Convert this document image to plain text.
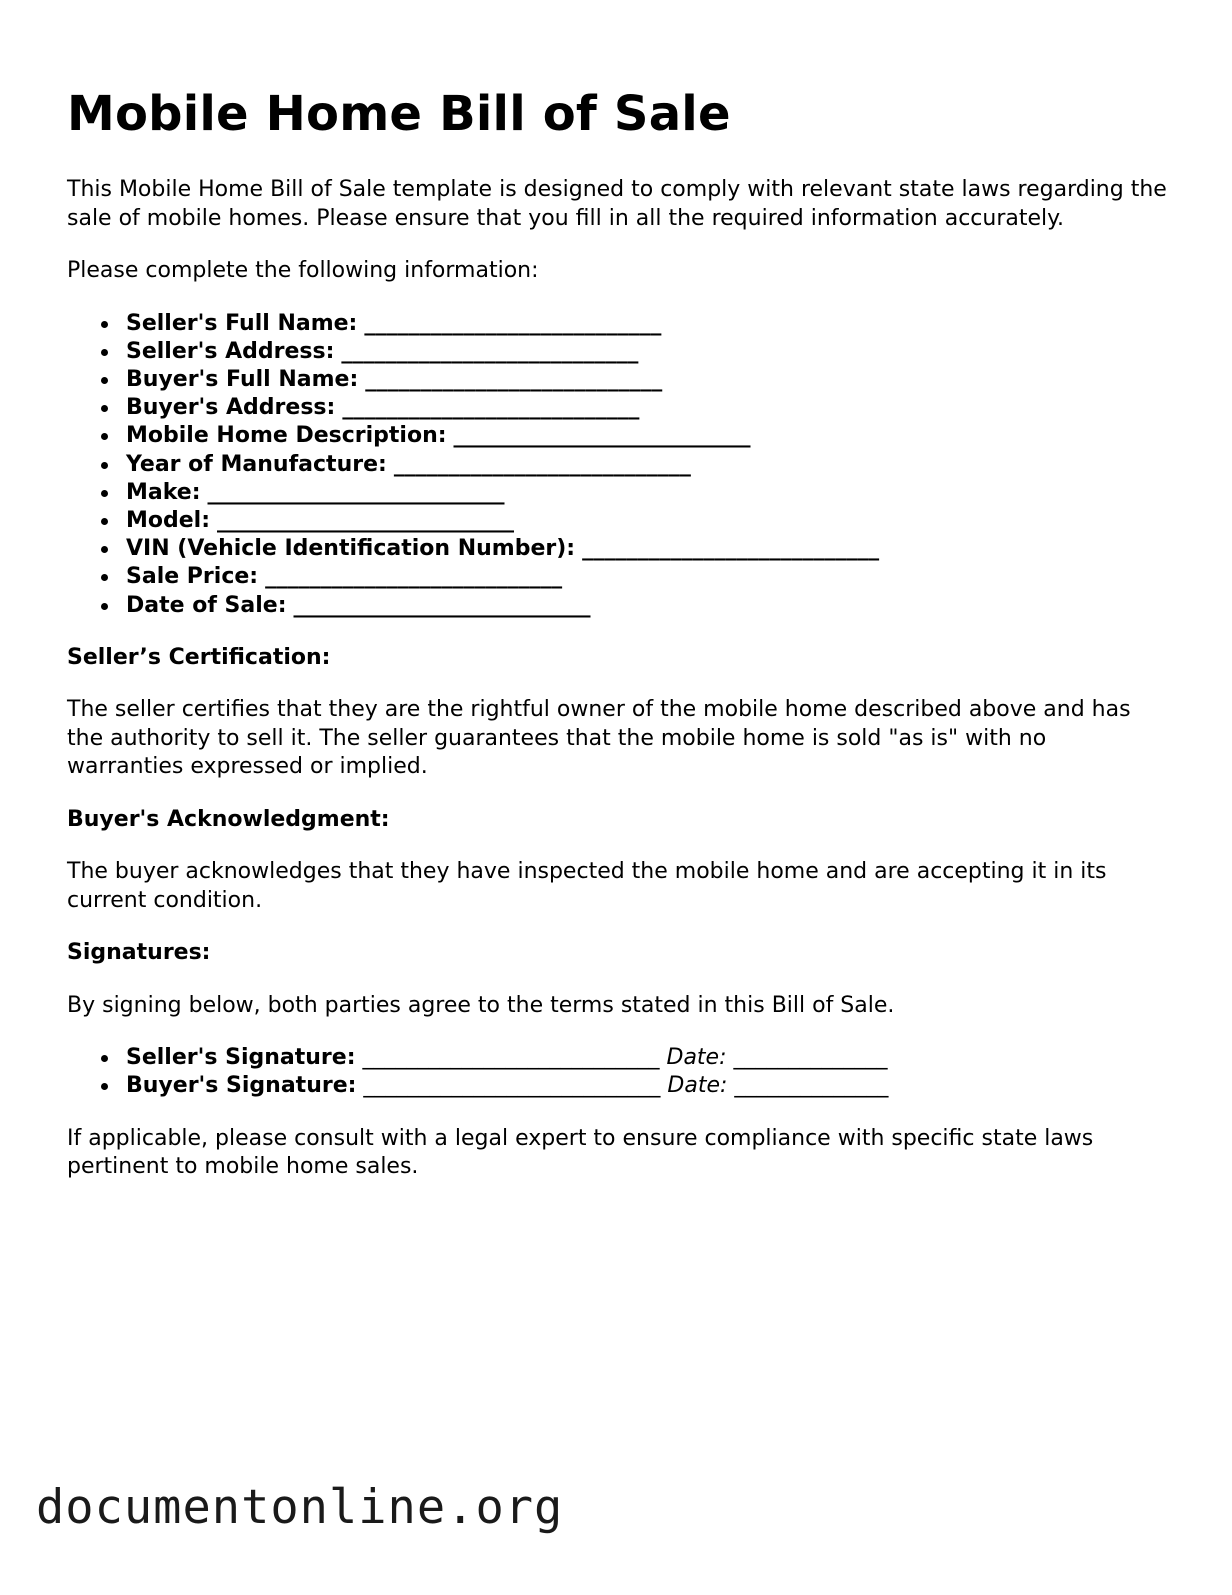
Mobile Home Bill of Sale

This Mobile Home Bill of Sale template is designed to comply with relevant state laws regarding the sale of mobile homes. Please ensure that you fill in all the required information accurately.

Please complete the following information:

Seller's Full Name: ___________________________
Seller's Address: ___________________________
Buyer's Full Name: ___________________________
Buyer's Address: ___________________________
Mobile Home Description: ___________________________
Year of Manufacture: ___________________________
Make: ___________________________
Model: ___________________________
VIN (Vehicle Identification Number): ___________________________
Sale Price: ___________________________
Date of Sale: ___________________________
Seller’s Certification:

The seller certifies that they are the rightful owner of the mobile home described above and has the authority to sell it. The seller guarantees that the mobile home is sold "as is" with no warranties expressed or implied.

Buyer's Acknowledgment:

The buyer acknowledges that they have inspected the mobile home and are accepting it in its current condition.

Signatures:

By signing below, both parties agree to the terms stated in this Bill of Sale.

Seller's Signature: ___________________________ Date: ______________
Buyer's Signature: ___________________________ Date: ______________

If applicable, please consult with a legal expert to ensure compliance with specific state laws pertinent to mobile home sales.

documentonline.org
